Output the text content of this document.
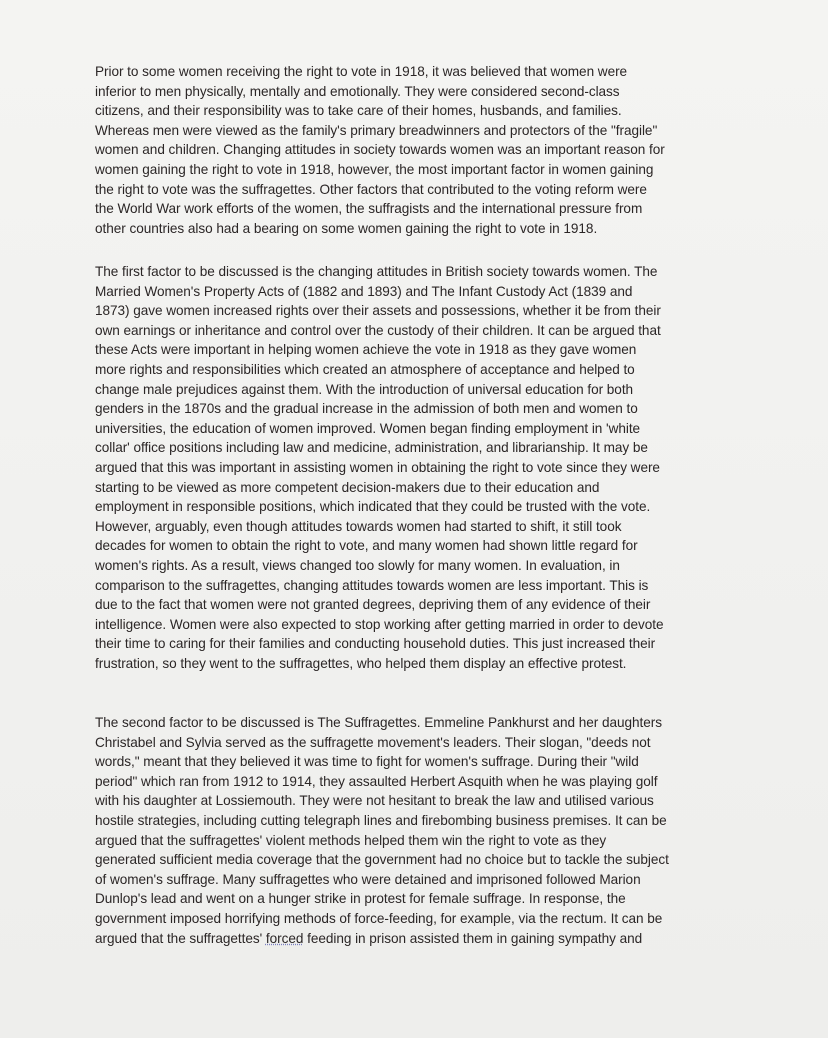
Prior to some women receiving the right to vote in 1918, it was believed that women were
inferior to men physically, mentally and emotionally. They were considered second-class
citizens, and their responsibility was to take care of their homes, husbands, and families.
Whereas men were viewed as the family's primary breadwinners and protectors of the "fragile"
women and children. Changing attitudes in society towards women was an important reason for
women gaining the right to vote in 1918, however, the most important factor in women gaining
the right to vote was the suffragettes. Other factors that contributed to the voting reform were
the World War work efforts of the women, the suffragists and the international pressure from
other countries also had a bearing on some women gaining the right to vote in 1918.
The first factor to be discussed is the changing attitudes in British society towards women. The
Married Women's Property Acts of (1882 and 1893) and The Infant Custody Act (1839 and
1873) gave women increased rights over their assets and possessions, whether it be from their
own earnings or inheritance and control over the custody of their children. It can be argued that
these Acts were important in helping women achieve the vote in 1918 as they gave women
more rights and responsibilities which created an atmosphere of acceptance and helped to
change male prejudices against them. With the introduction of universal education for both
genders in the 1870s and the gradual increase in the admission of both men and women to
universities, the education of women improved. Women began finding employment in 'white
collar' office positions including law and medicine, administration, and librarianship. It may be
argued that this was important in assisting women in obtaining the right to vote since they were
starting to be viewed as more competent decision-makers due to their education and
employment in responsible positions, which indicated that they could be trusted with the vote.
However, arguably, even though attitudes towards women had started to shift, it still took
decades for women to obtain the right to vote, and many women had shown little regard for
women's rights. As a result, views changed too slowly for many women. In evaluation, in
comparison to the suffragettes, changing attitudes towards women are less important. This is
due to the fact that women were not granted degrees, depriving them of any evidence of their
intelligence. Women were also expected to stop working after getting married in order to devote
their time to caring for their families and conducting household duties. This just increased their
frustration, so they went to the suffragettes, who helped them display an effective protest.
The second factor to be discussed is The Suffragettes. Emmeline Pankhurst and her daughters
Christabel and Sylvia served as the suffragette movement's leaders. Their slogan, "deeds not
words," meant that they believed it was time to fight for women's suffrage. During their "wild
period" which ran from 1912 to 1914, they assaulted Herbert Asquith when he was playing golf
with his daughter at Lossiemouth. They were not hesitant to break the law and utilised various
hostile strategies, including cutting telegraph lines and firebombing business premises. It can be
argued that the suffragettes' violent methods helped them win the right to vote as they
generated sufficient media coverage that the government had no choice but to tackle the subject
of women's suffrage. Many suffragettes who were detained and imprisoned followed Marion
Dunlop's lead and went on a hunger strike in protest for female suffrage. In response, the
government imposed horrifying methods of force-feeding, for example, via the rectum. It can be
argued that the suffragettes' forced feeding in prison assisted them in gaining sympathy and
